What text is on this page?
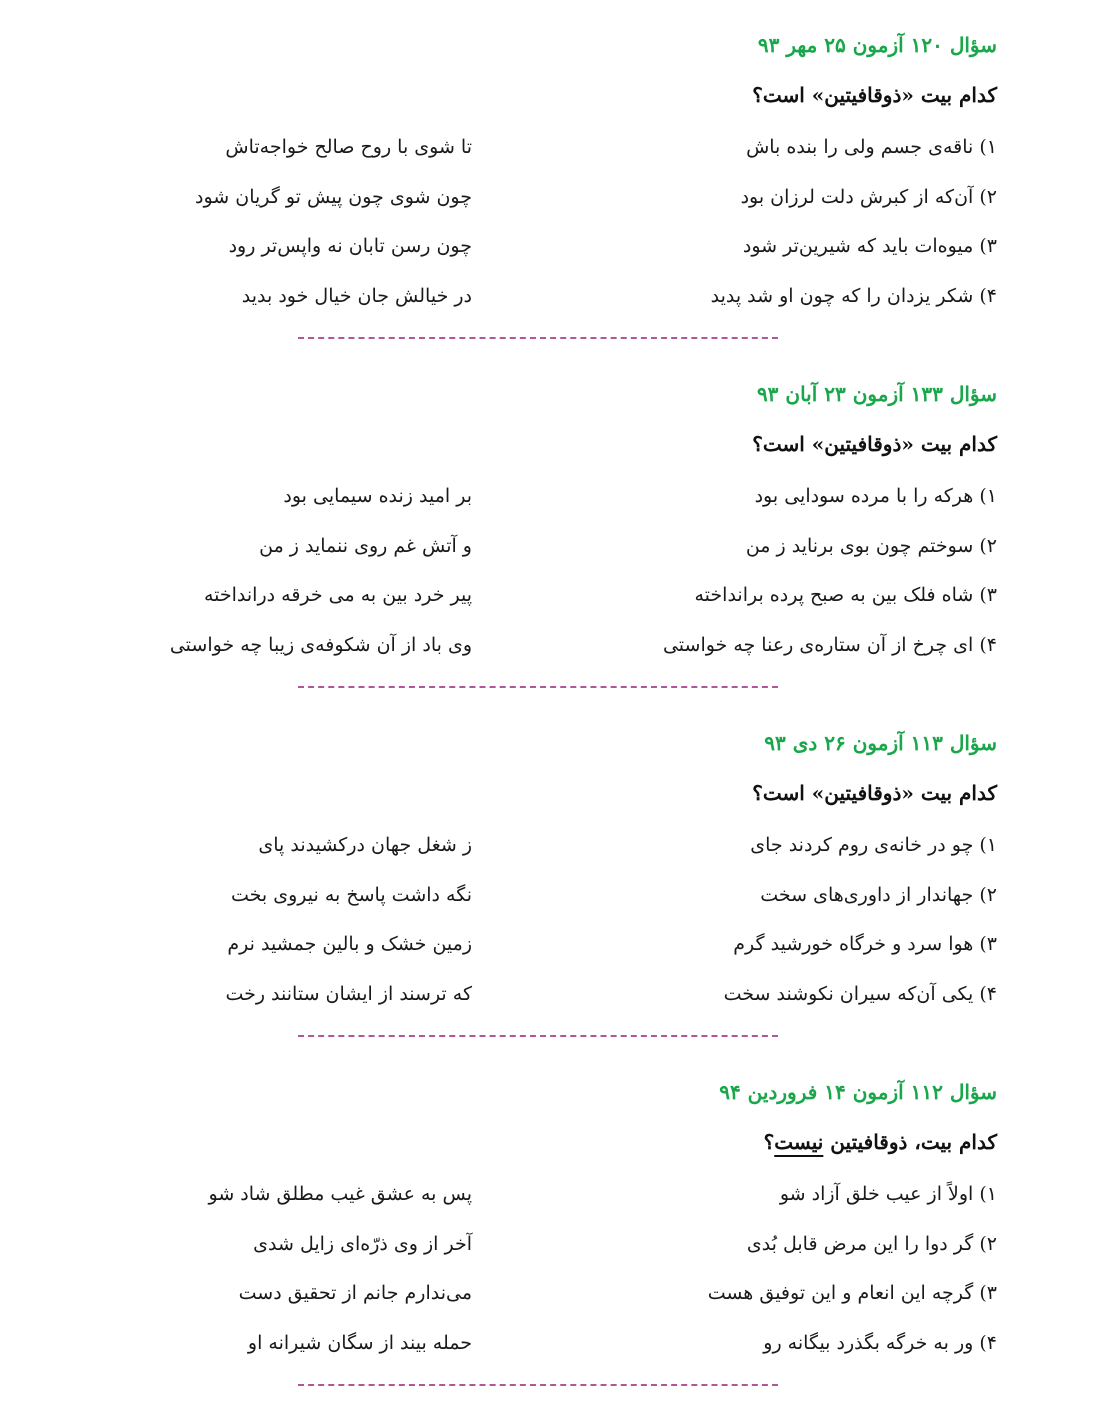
سؤال ۱۲۰ آزمون ۲۵ مهر ۹۳
کدام بیت «ذوقافیتین» است؟
۱) ناقه‌ی جسم ولی را بنده باش
تا شوی با روح صالح خواجه‌تاش
۲) آن‌که از کبرش دلت لرزان بود
چون شوی چون پیش تو گریان شود
۳) میوه‌ات باید که شیرین‌تر شود
چون رسن تابان نه واپس‌تر رود
۴) شکر یزدان را که چون او شد پدید
در خیالش جان خیال خود بدید
سؤال ۱۳۳ آزمون ۲۳ آبان ۹۳
کدام بیت «ذوقافیتین» است؟
۱) هرکه را با مرده سودایی بود
بر امید زنده سیمایی بود
۲) سوختم چون بوی برناید ز من
و آتش غم روی ننماید ز من
۳) شاه فلک بین به صبح پرده برانداخته
پیر خرد بین به می خرقه درانداخته
۴) ای چرخ از آن ستاره‌ی رعنا چه خواستی
وی باد از آن شکوفه‌ی زیبا چه خواستی
سؤال ۱۱۳ آزمون ۲۶ دی ۹۳
کدام بیت «ذوقافیتین» است؟
۱) چو در خانه‌ی روم کردند جای
ز شغل جهان درکشیدند پای
۲) جهاندار از داوری‌های سخت
نگه داشت پاسخ به نیروی بخت
۳) هوا سرد و خرگاه خورشید گرم
زمین خشک و بالین جمشید نرم
۴) یکی آن‌که سیران نکوشند سخت
که ترسند از ایشان ستانند رخت
سؤال ۱۱۲ آزمون ۱۴ فروردین ۹۴
کدام بیت، ذوقافیتین نیست؟
۱) اولاً از عیب خلق آزاد شو
پس به عشق غیب مطلق شاد شو
۲) گر دوا را این مرض قابل بُدی
آخر از وی ذرّه‌ای زایل شدی
۳) گرچه این انعام و این توفیق هست
می‌ندارم جانم از تحقیق دست
۴) ور به خرگه بگذرد بیگانه رو
حمله بیند از سگان شیرانه او
